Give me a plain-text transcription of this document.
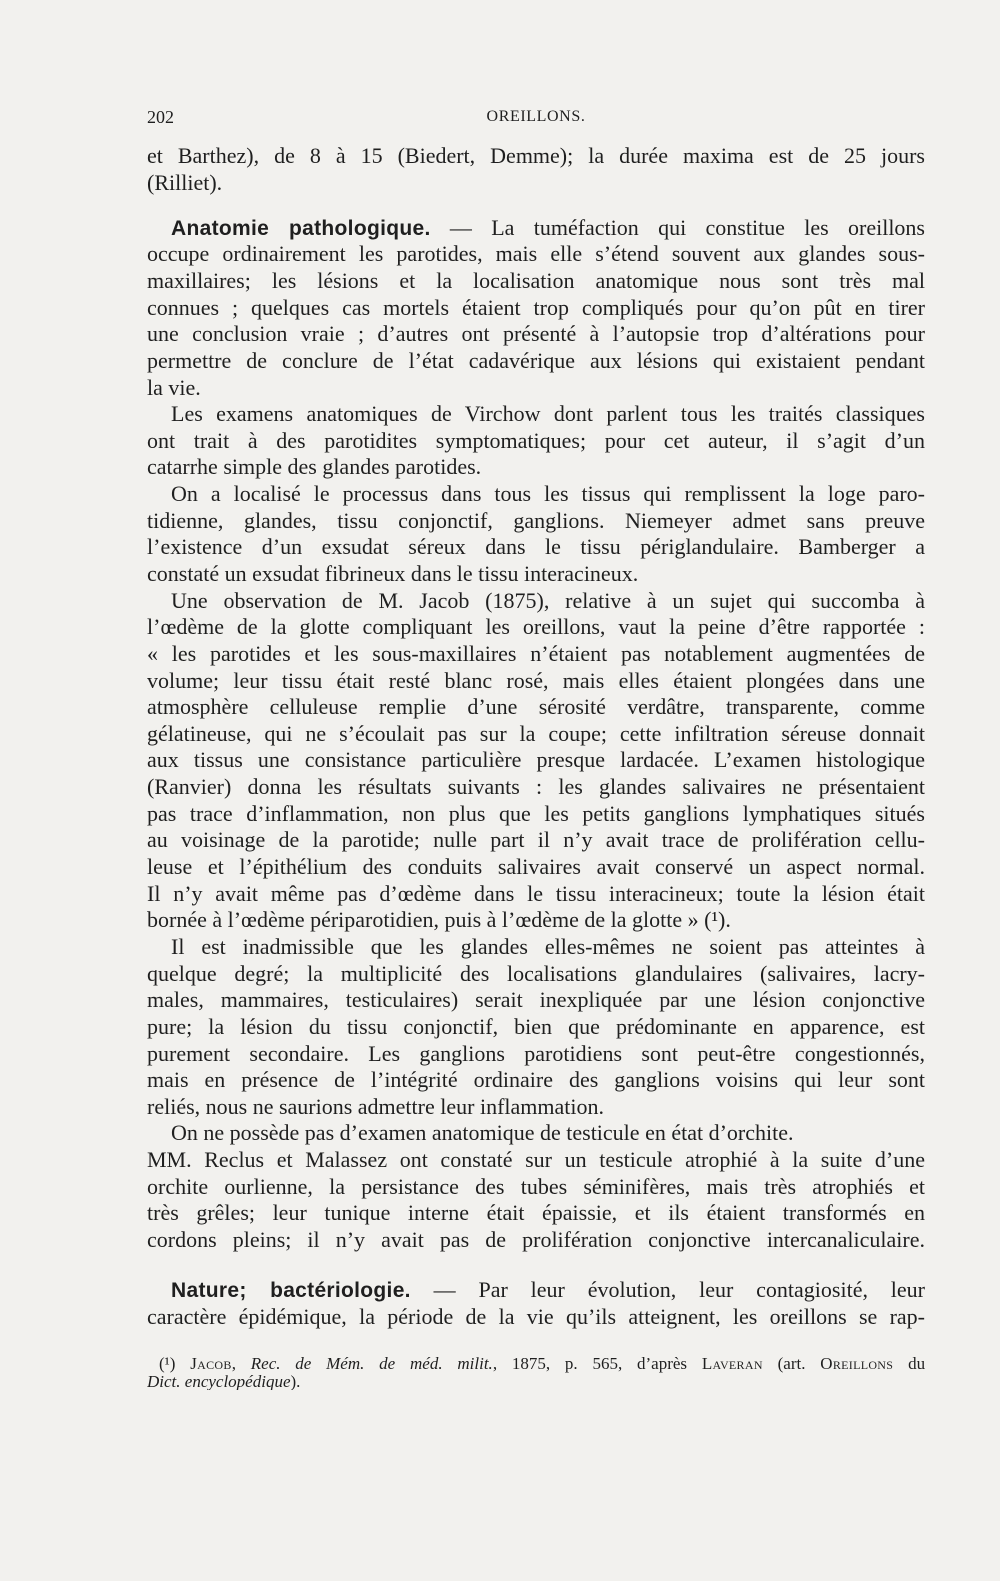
202	OREILLONS.
et Barthez), de 8 à 15 (Biedert, Demme); la durée maxima est de 25 jours
(Rilliet).
Anatomie pathologique. — La tuméfaction qui constitue les oreillons
occupe ordinairement les parotides, mais elle s’étend souvent aux glandes sous-
maxillaires; les lésions et la localisation anatomique nous sont très mal
connues ; quelques cas mortels étaient trop compliqués pour qu’on pût en tirer
une conclusion vraie ; d’autres ont présenté à l’autopsie trop d’altérations pour
permettre de conclure de l’état cadavérique aux lésions qui existaient pendant
la vie.
Les examens anatomiques de Virchow dont parlent tous les traités classiques
ont trait à des parotidites symptomatiques; pour cet auteur, il s’agit d’un
catarrhe simple des glandes parotides.
On a localisé le processus dans tous les tissus qui remplissent la loge paro-
tidienne, glandes, tissu conjonctif, ganglions. Niemeyer admet sans preuve
l’existence d’un exsudat séreux dans le tissu périglandulaire. Bamberger a
constaté un exsudat fibrineux dans le tissu interacineux.
Une observation de M. Jacob (1875), relative à un sujet qui succomba à
l’œdème de la glotte compliquant les oreillons, vaut la peine d’être rapportée :
« les parotides et les sous-maxillaires n’étaient pas notablement augmentées de
volume; leur tissu était resté blanc rosé, mais elles étaient plongées dans une
atmosphère celluleuse remplie d’une sérosité verdâtre, transparente, comme
gélatineuse, qui ne s’écoulait pas sur la coupe; cette infiltration séreuse donnait
aux tissus une consistance particulière presque lardacée. L’examen histologique
(Ranvier) donna les résultats suivants : les glandes salivaires ne présentaient
pas trace d’inflammation, non plus que les petits ganglions lymphatiques situés
au voisinage de la parotide; nulle part il n’y avait trace de prolifération cellu-
leuse et l’épithélium des conduits salivaires avait conservé un aspect normal.
Il n’y avait même pas d’œdème dans le tissu interacineux; toute la lésion était
bornée à l’œdème périparotidien, puis à l’œdème de la glotte » (¹).
Il est inadmissible que les glandes elles-mêmes ne soient pas atteintes à
quelque degré; la multiplicité des localisations glandulaires (salivaires, lacry-
males, mammaires, testiculaires) serait inexpliquée par une lésion conjonctive
pure; la lésion du tissu conjonctif, bien que prédominante en apparence, est
purement secondaire. Les ganglions parotidiens sont peut-être congestionnés,
mais en présence de l’intégrité ordinaire des ganglions voisins qui leur sont
reliés, nous ne saurions admettre leur inflammation.
On ne possède pas d’examen anatomique de testicule en état d’orchite.
MM. Reclus et Malassez ont constaté sur un testicule atrophié à la suite d’une
orchite ourlienne, la persistance des tubes séminifères, mais très atrophiés et
très grêles; leur tunique interne était épaissie, et ils étaient transformés en
cordons pleins; il n’y avait pas de prolifération conjonctive intercanaliculaire.
Nature; bactériologie. — Par leur évolution, leur contagiosité, leur
caractère épidémique, la période de la vie qu’ils atteignent, les oreillons se rap-
(¹) Jacob, Rec. de Mém. de méd. milit., 1875, p. 565, d’après Laveran (art. Oreillons du
Dict. encyclopédique).
